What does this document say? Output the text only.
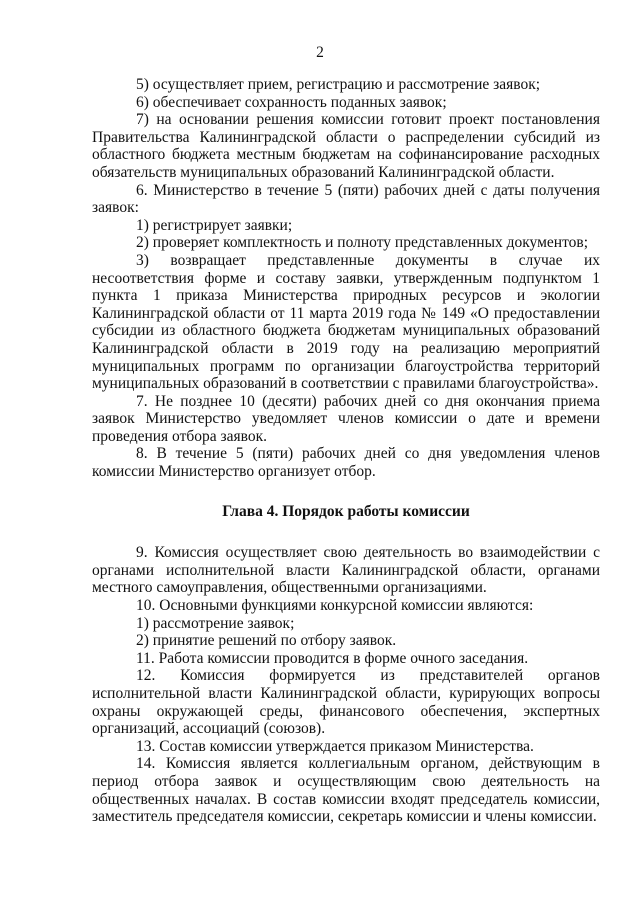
2

5) осуществляет прием, регистрацию и рассмотрение заявок;

6) обеспечивает сохранность поданных заявок;

7) на основании решения комиссии готовит проект постановления Правительства Калининградской области о распределении субсидий из областного бюджета местным бюджетам на софинансирование расходных обязательств муниципальных образований Калининградской области.

6. Министерство в течение 5 (пяти) рабочих дней с даты получения заявок:

1) регистрирует заявки;

2) проверяет комплектность и полноту представленных документов;

3) возвращает представленные документы в случае их несоответствия форме и составу заявки, утвержденным подпунктом 1 пункта 1 приказа Министерства природных ресурсов и экологии Калининградской области от 11 марта 2019 года № 149 «О предоставлении субсидии из областного бюджета бюджетам муниципальных образований Калининградской области в 2019 году на реализацию мероприятий муниципальных программ по организации благоустройства территорий муниципальных образований в соответствии с правилами благоустройства».

7. Не позднее 10 (десяти) рабочих дней со дня окончания приема заявок Министерство уведомляет членов комиссии о дате и времени проведения отбора заявок.

8. В течение 5 (пяти) рабочих дней со дня уведомления членов комиссии Министерство организует отбор.

Глава 4. Порядок работы комиссии

9. Комиссия осуществляет свою деятельность во взаимодействии с органами исполнительной власти Калининградской области, органами местного самоуправления, общественными организациями.

10. Основными функциями конкурсной комиссии являются:

1) рассмотрение заявок;

2) принятие решений по отбору заявок.

11. Работа комиссии проводится в форме очного заседания.

12. Комиссия формируется из представителей органов исполнительной власти Калининградской области, курирующих вопросы охраны окружающей среды, финансового обеспечения, экспертных организаций, ассоциаций (союзов).

13. Состав комиссии утверждается приказом Министерства.

14. Комиссия является коллегиальным органом, действующим в период отбора заявок и осуществляющим свою деятельность на общественных началах. В состав комиссии входят председатель комиссии, заместитель председателя комиссии, секретарь комиссии и члены комиссии.
